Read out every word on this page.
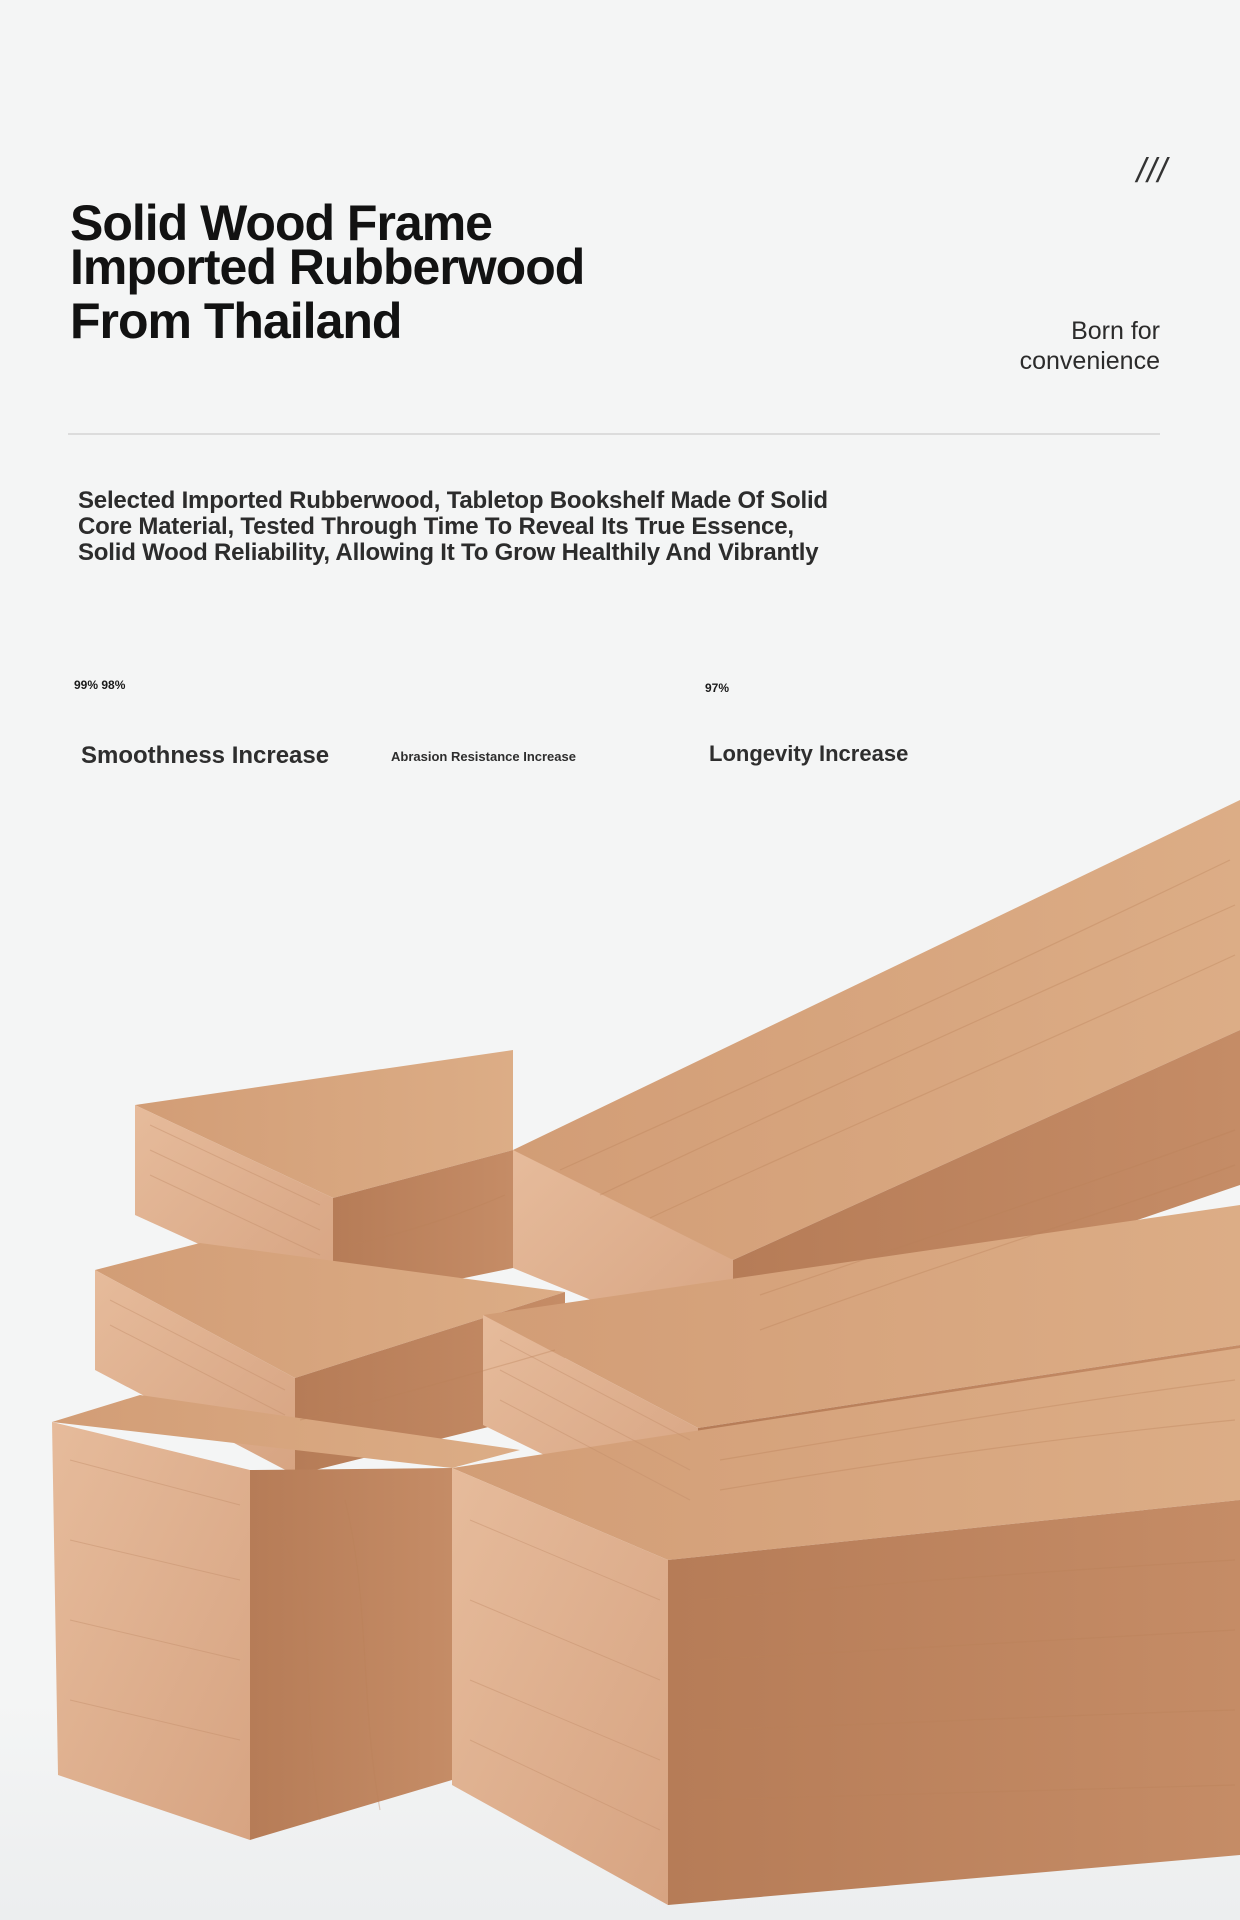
Solid Wood Frame
Imported Rubberwood
From Thailand
///
Born for
convenience
Selected Imported Rubberwood, Tabletop Bookshelf Made Of Solid
Core Material, Tested Through Time To Reveal Its True Essence,
Solid Wood Reliability, Allowing It To Grow Healthily And Vibrantly
99% 98%	97%
Smoothness Increase	Abrasion Resistance Increase	Longevity Increase
